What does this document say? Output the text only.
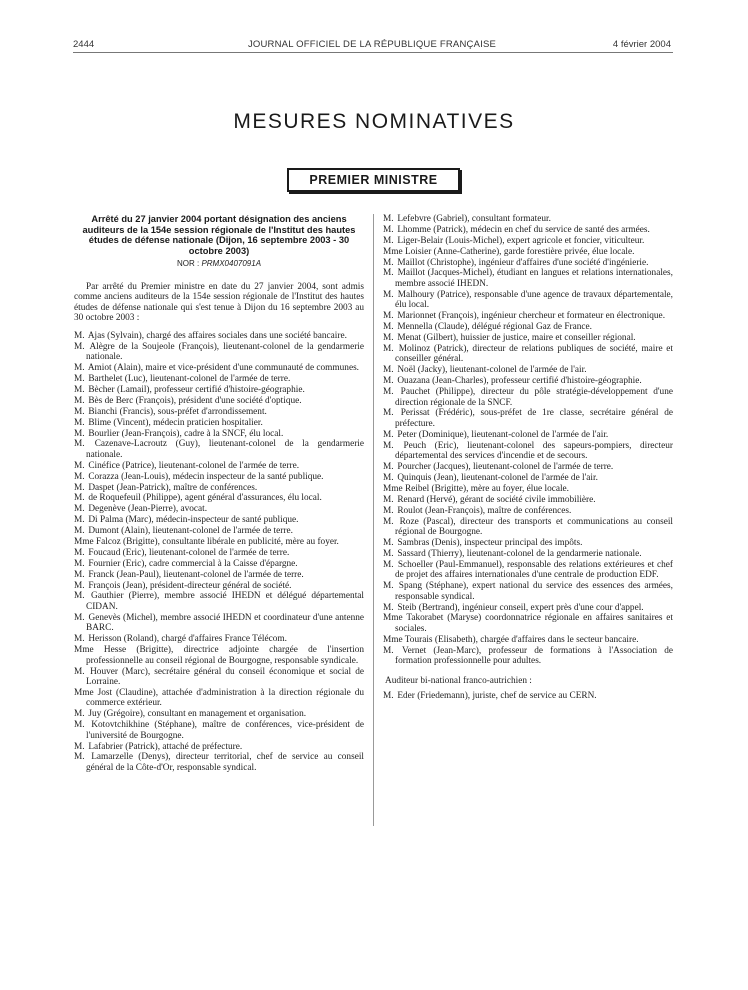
2444	JOURNAL OFFICIEL DE LA RÉPUBLIQUE FRANÇAISE	4 février 2004
MESURES NOMINATIVES
PREMIER MINISTRE
Arrêté du 27 janvier 2004 portant désignation des anciens auditeurs de la 154e session régionale de l'Institut des hautes études de défense nationale (Dijon, 16 septembre 2003 - 30 octobre 2003)
NOR : PRMX0407091A

Par arrêté du Premier ministre en date du 27 janvier 2004, sont admis comme anciens auditeurs de la 154e session régionale de l'Institut des hautes études de défense nationale qui s'est tenue à Dijon du 16 septembre 2003 au 30 octobre 2003 :

M. Ajas (Sylvain), chargé des affaires sociales dans une société bancaire.
M. Alègre de la Soujeole (François), lieutenant-colonel de la gendarmerie nationale.
M. Amiot (Alain), maire et vice-président d'une communauté de communes.
M. Barthelet (Luc), lieutenant-colonel de l'armée de terre.
M. Bècher (Lamail), professeur certifié d'histoire-géographie.
M. Bès de Berc (François), président d'une société d'optique.
M. Bianchi (Francis), sous-préfet d'arrondissement.
M. Blime (Vincent), médecin praticien hospitalier.
M. Bourlier (Jean-François), cadre à la SNCF, élu local.
M. Cazenave-Lacroutz (Guy), lieutenant-colonel de la gendarmerie nationale.
M. Cinéfice (Patrice), lieutenant-colonel de l'armée de terre.
M. Corazza (Jean-Louis), médecin inspecteur de la santé publique.
M. Daspet (Jean-Patrick), maître de conférences.
M. de Roquefeuil (Philippe), agent général d'assurances, élu local.
M. Degenève (Jean-Pierre), avocat.
M. Di Palma (Marc), médecin-inspecteur de santé publique.
M. Dumont (Alain), lieutenant-colonel de l'armée de terre.
Mme Falcoz (Brigitte), consultante libérale en publicité, mère au foyer.
M. Foucaud (Eric), lieutenant-colonel de l'armée de terre.
M. Fournier (Eric), cadre commercial à la Caisse d'épargne.
M. Franck (Jean-Paul), lieutenant-colonel de l'armée de terre.
M. François (Jean), président-directeur général de société.
M. Gauthier (Pierre), membre associé IHEDN et délégué départemental CIDAN.
M. Genevès (Michel), membre associé IHEDN et coordinateur d'une antenne BARC.
M. Herisson (Roland), chargé d'affaires France Télécom.
Mme Hesse (Brigitte), directrice adjointe chargée de l'insertion professionnelle au conseil régional de Bourgogne, responsable syndicale.
M. Houver (Marc), secrétaire général du conseil économique et social de Lorraine.
Mme Jost (Claudine), attachée d'administration à la direction régionale du commerce extérieur.
M. Juy (Grégoire), consultant en management et organisation.
M. Kotovtchikhine (Stéphane), maître de conférences, vice-président de l'université de Bourgogne.
M. Lafabrier (Patrick), attaché de préfecture.
M. Lamarzelle (Denys), directeur territorial, chef de service au conseil général de la Côte-d'Or, responsable syndical.
M. Lefebvre (Gabriel), consultant formateur.
M. Lhomme (Patrick), médecin en chef du service de santé des armées.
M. Liger-Belair (Louis-Michel), expert agricole et foncier, viticulteur.
Mme Loisier (Anne-Catherine), garde forestière privée, élue locale.
M. Maillot (Christophe), ingénieur d'affaires d'une société d'ingénierie.
M. Maillot (Jacques-Michel), étudiant en langues et relations internationales, membre associé IHEDN.
M. Malhoury (Patrice), responsable d'une agence de travaux départementale, élu local.
M. Marionnet (François), ingénieur chercheur et formateur en électronique.
M. Mennella (Claude), délégué régional Gaz de France.
M. Menat (Gilbert), huissier de justice, maire et conseiller régional.
M. Molinoz (Patrick), directeur de relations publiques de société, maire et conseiller général.
M. Noël (Jacky), lieutenant-colonel de l'armée de l'air.
M. Ouazana (Jean-Charles), professeur certifié d'histoire-géographie.
M. Pauchet (Philippe), directeur du pôle stratégie-développement d'une direction régionale de la SNCF.
M. Perissat (Frédéric), sous-préfet de 1re classe, secrétaire général de préfecture.
M. Peter (Dominique), lieutenant-colonel de l'armée de l'air.
M. Peuch (Eric), lieutenant-colonel des sapeurs-pompiers, directeur départemental des services d'incendie et de secours.
M. Pourcher (Jacques), lieutenant-colonel de l'armée de terre.
M. Quinquis (Jean), lieutenant-colonel de l'armée de l'air.
Mme Reibel (Brigitte), mère au foyer, élue locale.
M. Renard (Hervé), gérant de société civile immobilière.
M. Roulot (Jean-François), maître de conférences.
M. Roze (Pascal), directeur des transports et communications au conseil régional de Bourgogne.
M. Sambras (Denis), inspecteur principal des impôts.
M. Sassard (Thierry), lieutenant-colonel de la gendarmerie nationale.
M. Schoeller (Paul-Emmanuel), responsable des relations extérieures et chef de projet des affaires internationales d'une centrale de production EDF.
M. Spang (Stéphane), expert national du service des essences des armées, responsable syndical.
M. Steib (Bertrand), ingénieur conseil, expert près d'une cour d'appel.
Mme Takorabet (Maryse) coordonnatrice régionale en affaires sanitaires et sociales.
Mme Tourais (Elisabeth), chargée d'affaires dans le secteur bancaire.
M. Vernet (Jean-Marc), professeur de formations à l'Association de formation professionnelle pour adultes.
Auditeur bi-national franco-autrichien :
M. Eder (Friedemann), juriste, chef de service au CERN.
